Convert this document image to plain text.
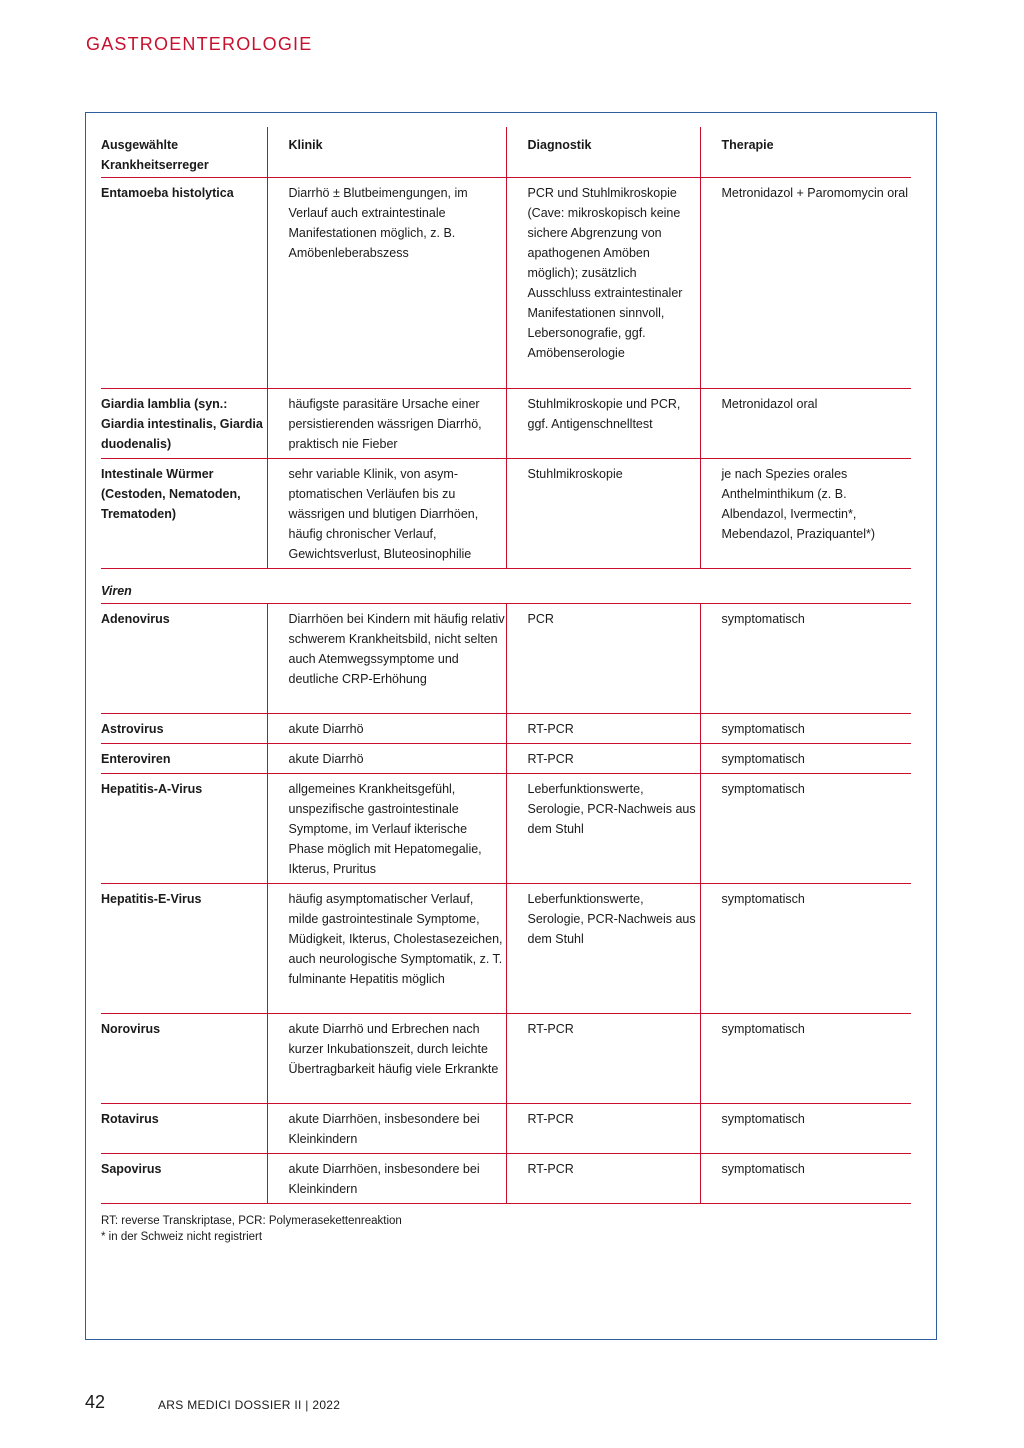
GASTROENTEROLOGIE
Ausgewählte
Krankheitserreger	Klinik	Diagnostik	Therapie
Entamoeba histolytica	Diarrhö ± Blutbeimengungen, im Verlauf auch extraintestinale Manifestationen möglich, z. B. Amöbenleberabszess	PCR und Stuhlmikroskopie (Cave: mikroskopisch keine sichere Abgrenzung von apathogenen Amöben möglich); zusätzlich Ausschluss extraintestinaler Manifestationen sinnvoll, Lebersonografie, ggf. Amöbenserologie	Metronidazol + Paromomycin oral
Giardia lamblia (syn.: Giardia intestinalis, Giardia duodenalis)	häufigste parasitäre Ursache einer persistierenden wässrigen Diarrhö, praktisch nie Fieber	Stuhlmikroskopie und PCR, ggf. Antigenschnelltest	Metronidazol oral
Intestinale Würmer (Cestoden, Nematoden, Trematoden)	sehr variable Klinik, von asymptomatischen Verläufen bis zu wässrigen und blutigen Diarrhöen, häufig chronischer Verlauf, Gewichtsverlust, Bluteosinophilie	Stuhlmikroskopie	je nach Spezies orales Anthelminthikum (z. B. Albendazol, Ivermectin*, Mebendazol, Praziquantel*)
Viren			
Adenovirus	Diarrhöen bei Kindern mit häufig relativ schwerem Krankheitsbild, nicht selten auch Atemwegssymptome und deutliche CRP-Erhöhung	PCR	symptomatisch
Astrovirus	akute Diarrhö	RT-PCR	symptomatisch
Enteroviren	akute Diarrhö	RT-PCR	symptomatisch
Hepatitis-A-Virus	allgemeines Krankheitsgefühl, unspezifische gastrointestinale Symptome, im Verlauf ikterische Phase möglich mit Hepatomegalie, Ikterus, Pruritus	Leberfunktionswerte, Serologie, PCR-Nachweis aus dem Stuhl	symptomatisch
Hepatitis-E-Virus	häufig asymptomatischer Verlauf, milde gastrointestinale Symptome, Müdigkeit, Ikterus, Cholestasezeichen, auch neurologische Symptomatik, z. T. fulminante Hepatitis möglich	Leberfunktionswerte, Serologie, PCR-Nachweis aus dem Stuhl	symptomatisch
Norovirus	akute Diarrhö und Erbrechen nach kurzer Inkubationszeit, durch leichte Übertragbarkeit häufig viele Erkrankte	RT-PCR	symptomatisch
Rotavirus	akute Diarrhöen, insbesondere bei Kleinkindern	RT-PCR	symptomatisch
Sapovirus	akute Diarrhöen, insbesondere bei Kleinkindern	RT-PCR	symptomatisch
RT: reverse Transkriptase, PCR: Polymerasekettenreaktion
* in der Schweiz nicht registriert
42	ARS MEDICI DOSSIER II | 2022
